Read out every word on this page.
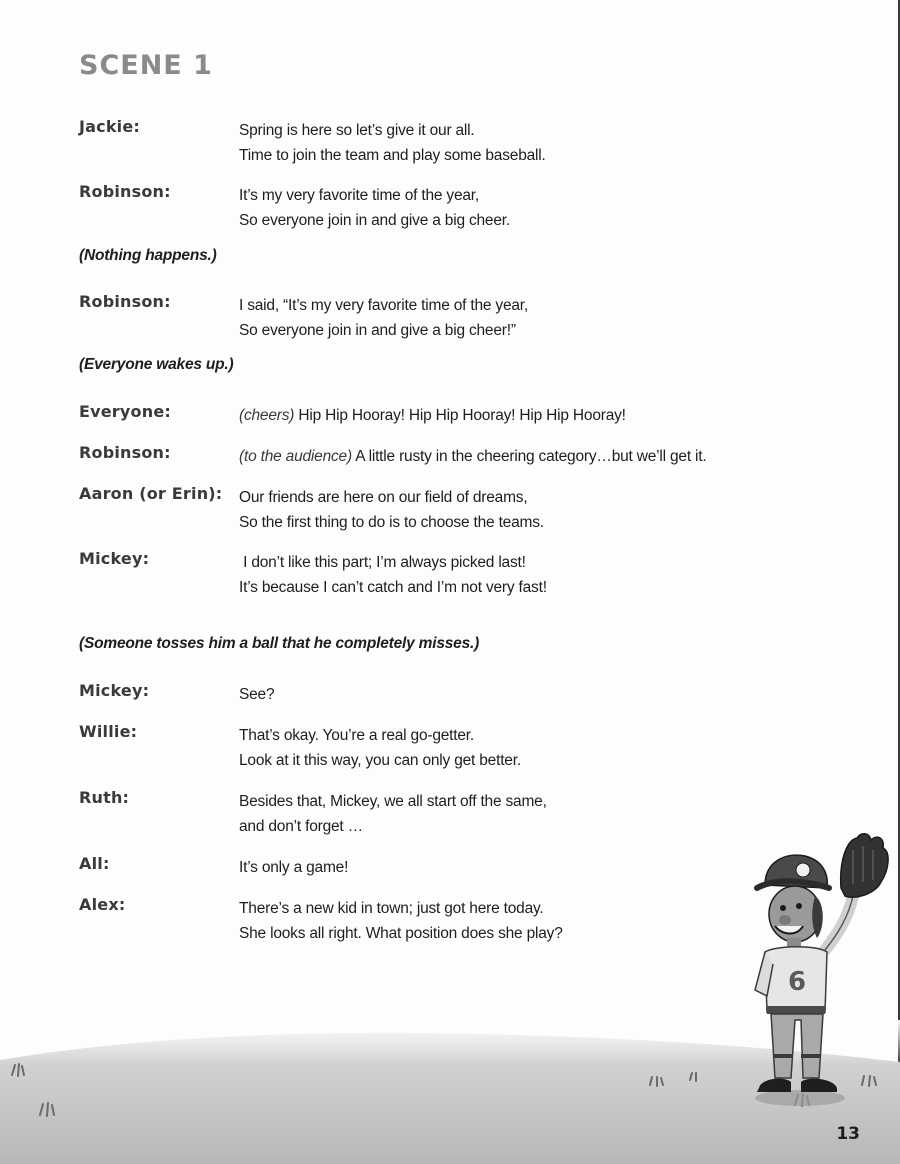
SCENE 1
Jackie:	Spring is here so let’s give it our all.
Time to join the team and play some baseball.
Robinson:	It’s my very favorite time of the year,
So everyone join in and give a big cheer.
(Nothing happens.)
Robinson:	I said, “It’s my very favorite time of the year,
So everyone join in and give a big cheer!”
(Everyone wakes up.)
Everyone:	(cheers) Hip Hip Hooray! Hip Hip Hooray! Hip Hip Hooray!
Robinson:	(to the audience) A little rusty in the cheering category…but we’ll get it.
Aaron (or Erin): Our friends are here on our field of dreams,
So the first thing to do is to choose the teams.
Mickey:	I don’t like this part; I’m always picked last!
It’s because I can’t catch and I’m not very fast!
(Someone tosses him a ball that he completely misses.)
Mickey:	See?
Willie:	That’s okay. You’re a real go-getter.
Look at it this way, you can only get better.
Ruth:	Besides that, Mickey, we all start off the same,
and don’t forget …
All:	It’s only a game!
Alex:	There’s a new kid in town; just got here today.
She looks all right. What position does she play?
6
13
